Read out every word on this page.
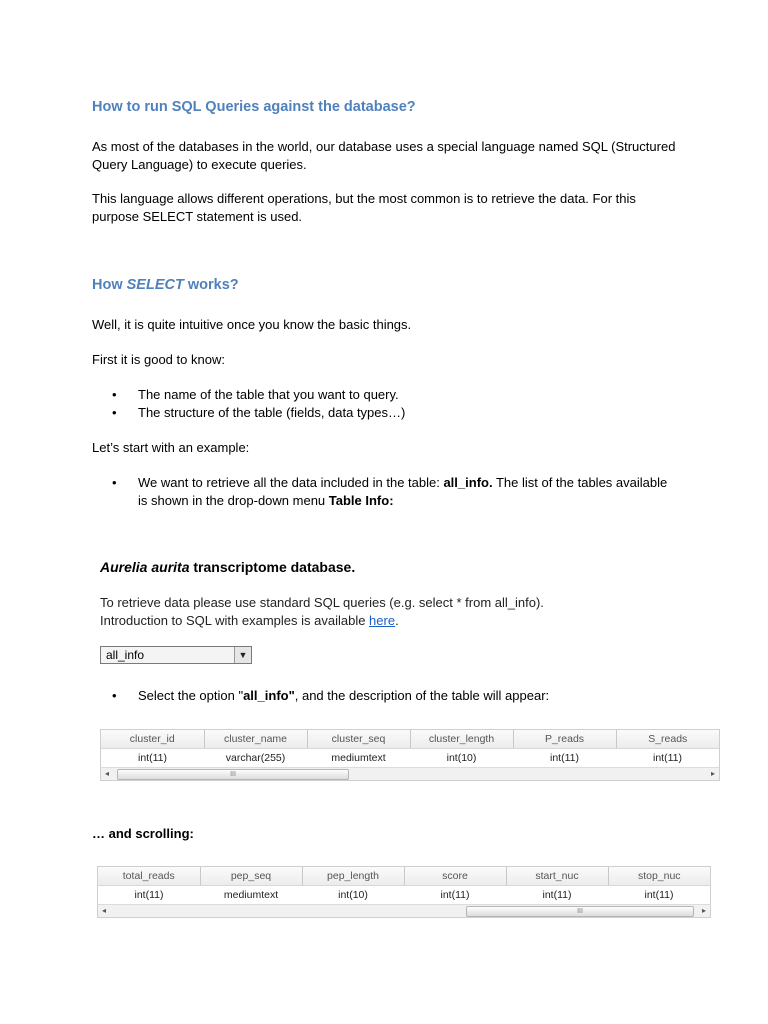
How to run SQL Queries against the database?

As most of the databases in the world, our database uses a special language named SQL (Structured Query Language) to execute queries.

This language allows different operations, but the most common is to retrieve the data. For this purpose SELECT statement is used.

How SELECT works?

Well, it is quite intuitive once you know the basic things.

First it is good to know:

• The name of the table that you want to query.

• The structure of the table (fields, data types…)

Let’s start with an example:

• We want to retrieve all the data included in the table: all_info. The list of the tables available is shown in the drop-down menu Table Info:

Aurelia aurita transcriptome database.

To retrieve data please use standard SQL queries (e.g. select * from all_info).

Introduction to SQL with examples is available here.

all_info	▼
• Select the option "all_info", and the description of the table will appear:

cluster_id	cluster_name	cluster_seq	cluster_length	P_reads	S_reads
int(11)	varchar(255)	mediumtext	int(10)	int(11)	int(11)
◂	III	▸

… and scrolling:

total_reads	pep_seq	pep_length	score	start_nuc	stop_nuc
int(11)	mediumtext	int(10)	int(11)	int(11)	int(11)
◂	III	▸
